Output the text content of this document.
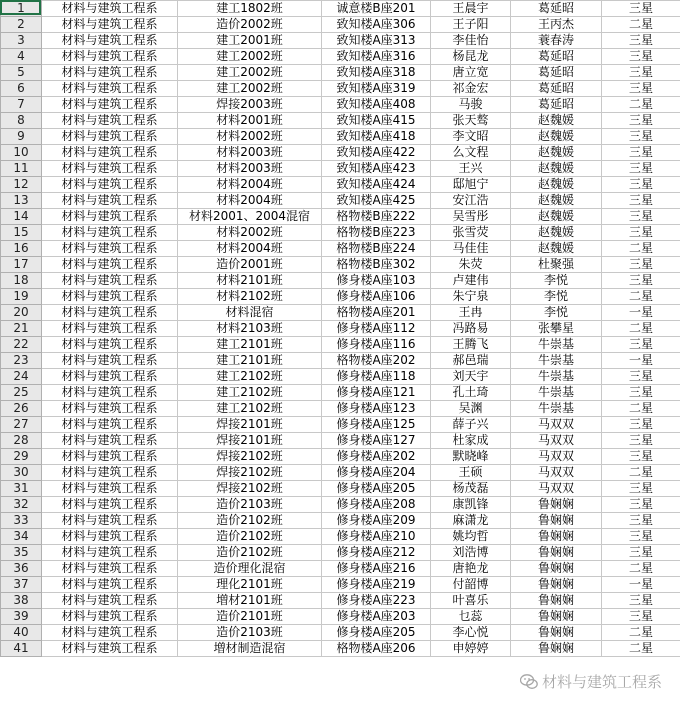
1	材料与建筑工程系	建工1802班	诚意楼B座201	王晨宇	葛延昭	三星
2	材料与建筑工程系	造价2002班	致知楼A座306	王子阳	王丙杰	二星
3	材料与建筑工程系	建工2001班	致知楼A座313	李佳怡	蓑春涛	三星
4	材料与建筑工程系	建工2002班	致知楼A座316	杨昆龙	葛延昭	三星
5	材料与建筑工程系	建工2002班	致知楼A座318	唐立宽	葛延昭	三星
6	材料与建筑工程系	建工2002班	致知楼A座319	祁金宏	葛延昭	三星
7	材料与建筑工程系	焊接2003班	致知楼A座408	马骏	葛延昭	二星
8	材料与建筑工程系	材料2001班	致知楼A座415	张天骜	赵魏媛	三星
9	材料与建筑工程系	材料2002班	致知楼A座418	李文昭	赵魏媛	三星
10	材料与建筑工程系	材料2003班	致知楼A座422	么文程	赵魏媛	三星
11	材料与建筑工程系	材料2003班	致知楼A座423	王兴	赵魏媛	三星
12	材料与建筑工程系	材料2004班	致知楼A座424	邸旭宁	赵魏媛	三星
13	材料与建筑工程系	材料2004班	致知楼A座425	安江浩	赵魏媛	三星
14	材料与建筑工程系	材料2001、2004混宿	格物楼B座222	吴雪彤	赵魏媛	三星
15	材料与建筑工程系	材料2002班	格物楼B座223	张雪荧	赵魏媛	三星
16	材料与建筑工程系	材料2004班	格物楼B座224	马佳佳	赵魏媛	二星
17	材料与建筑工程系	造价2001班	格物楼B座302	朱荧	杜聚强	三星
18	材料与建筑工程系	材料2101班	修身楼A座103	卢建伟	李悦	三星
19	材料与建筑工程系	材料2102班	修身楼A座106	朱宁泉	李悦	二星
20	材料与建筑工程系	材料混宿	格物楼A座201	王冉	李悦	一星
21	材料与建筑工程系	材料2103班	修身楼A座112	冯路易	张攀星	二星
22	材料与建筑工程系	建工2101班	修身楼A座116	王腾飞	牛崇基	三星
23	材料与建筑工程系	建工2101班	格物楼A座202	郝邑瑞	牛崇基	一星
24	材料与建筑工程系	建工2102班	修身楼A座118	刘天宇	牛崇基	三星
25	材料与建筑工程系	建工2102班	修身楼A座121	孔土琦	牛崇基	三星
26	材料与建筑工程系	建工2102班	修身楼A座123	吴渊	牛崇基	二星
27	材料与建筑工程系	焊接2101班	修身楼A座125	薛子兴	马双双	三星
28	材料与建筑工程系	焊接2101班	修身楼A座127	杜家成	马双双	三星
29	材料与建筑工程系	焊接2102班	修身楼A座202	默晓峰	马双双	三星
30	材料与建筑工程系	焊接2102班	修身楼A座204	王硕	马双双	二星
31	材料与建筑工程系	焊接2102班	修身楼A座205	杨茂磊	马双双	三星
32	材料与建筑工程系	造价2103班	修身楼A座208	康凯锋	鲁娴娴	三星
33	材料与建筑工程系	造价2102班	修身楼A座209	麻潇龙	鲁娴娴	三星
34	材料与建筑工程系	造价2102班	修身楼A座210	姚均哲	鲁娴娴	三星
35	材料与建筑工程系	造价2102班	修身楼A座212	刘浩博	鲁娴娴	三星
36	材料与建筑工程系	造价理化混宿	修身楼A座216	唐艳龙	鲁娴娴	二星
37	材料与建筑工程系	理化2101班	修身楼A座219	付韶博	鲁娴娴	一星
38	材料与建筑工程系	増材2101班	修身楼A座223	叶喜乐	鲁娴娴	三星
39	材料与建筑工程系	造价2101班	修身楼A座203	乜蕊	鲁娴娴	三星
40	材料与建筑工程系	造价2103班	修身楼A座205	李心悦	鲁娴娴	二星
41	材料与建筑工程系	増材制造混宿	格物楼A座206	申婷婷	鲁娴娴	二星
材料与建筑工程系
